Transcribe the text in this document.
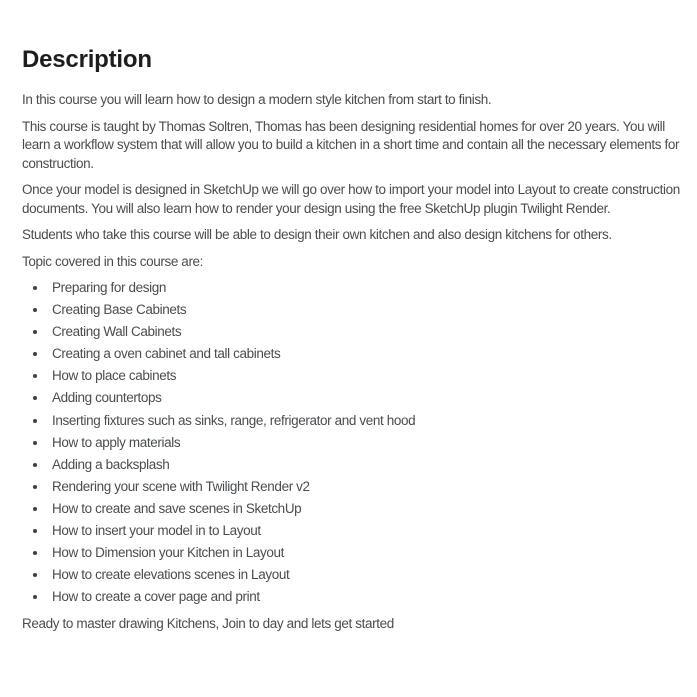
Description

In this course you will learn how to design a modern style kitchen from start to finish.

This course is taught by Thomas Soltren, Thomas has been designing residential homes for over 20 years. You will learn a workflow system that will allow you to build a kitchen in a short time and contain all the necessary elements for construction.

Once your model is designed in SketchUp we will go over how to import your model into Layout to create construction documents. You will also learn how to render your design using the free SketchUp plugin Twilight Render.

Students who take this course will be able to design their own kitchen and also design kitchens for others.

Topic covered in this course are:

Preparing for design
Creating Base Cabinets
Creating Wall Cabinets
Creating a oven cabinet and tall cabinets
How to place cabinets
Adding countertops
Inserting fixtures such as sinks, range, refrigerator and vent hood
How to apply materials
Adding a backsplash
Rendering your scene with Twilight Render v2
How to create and save scenes in SketchUp
How to insert your model in to Layout
How to Dimension your Kitchen in Layout
How to create elevations scenes in Layout
How to create a cover page and print

Ready to master drawing Kitchens, Join to day and lets get started
